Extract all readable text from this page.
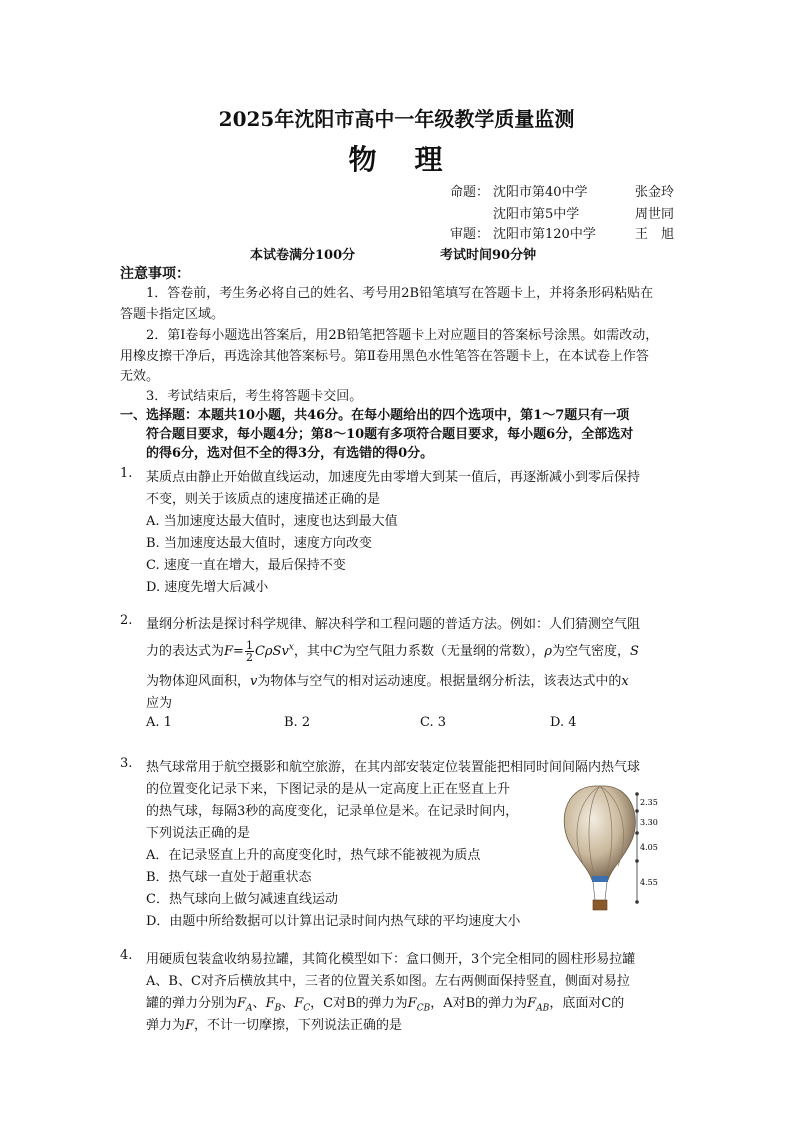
2025年沈阳市高中一年级教学质量监测
物 理
命题： 沈阳市第40中学	张金玲
沈阳市第5中学	周世同
审题： 沈阳市第120中学	王　旭
本试卷满分100分	考试时间90分钟
注意事项：
1．答卷前，考生务必将自己的姓名、考号用2B铅笔填写在答题卡上，并将条形码粘贴在
答题卡指定区域。
2．第Ⅰ卷每小题选出答案后，用2B铅笔把答题卡上对应题目的答案标号涂黑。如需改动，
用橡皮擦干净后，再选涂其他答案标号。第Ⅱ卷用黑色水性笔答在答题卡上，在本试卷上作答
无效。
3．考试结束后，考生将答题卡交回。
一、选择题：本题共10小题，共46分。在每小题给出的四个选项中，第1～7题只有一项
符合题目要求，每小题4分；第8～10题有多项符合题目要求，每小题6分，全部选对
的得6分，选对但不全的得3分，有选错的得0分。
1. 某质点由静止开始做直线运动，加速度先由零增大到某一值后，再逐渐减小到零后保持
不变，则关于该质点的速度描述正确的是
A. 当加速度达最大值时，速度也达到最大值
B. 当加速度达最大值时，速度方向改变
C. 速度一直在增大，最后保持不变
D. 速度先增大后减小
2. 量纲分析法是探讨科学规律、解决科学和工程问题的普适方法。例如：人们猜测空气阻
力的表达式为$F= \frac{1}{2} C\rho Sv^x$，其中C为空气阻力系数（无量纲的常数），ρ为空气密度，S
为物体迎风面积，v为物体与空气的相对运动速度。根据量纲分析法，该表达式中的x
应为
A. 1	B. 2	C. 3	D. 4
3. 热气球常用于航空摄影和航空旅游，在其内部安装定位装置能把相同时间间隔内热气球
的位置变化记录下来，下图记录的是从一定高度上正在竖直上升
的热气球，每隔3秒的高度变化，记录单位是米。在记录时间内，
下列说法正确的是
A．在记录竖直上升的高度变化时，热气球不能被视为质点
B．热气球一直处于超重状态
C．热气球向上做匀减速直线运动
D．由题中所给数据可以计算出记录时间内热气球的平均速度大小
2.35
3.30
4.05
4.55
4. 用硬质包装盒收纳易拉罐，其简化模型如下：盒口侧开，3个完全相同的圆柱形易拉罐
A、B、C对齐后横放其中，三者的位置关系如图。左右两侧面保持竖直，侧面对易拉
罐的弹力分别为$F_A$、$F_B$、$F_C$，C对B的弹力为$F_{CB}$，A对B的弹力为$F_{AB}$，底面对C的
弹力为F，不计一切摩擦，下列说法正确的是
